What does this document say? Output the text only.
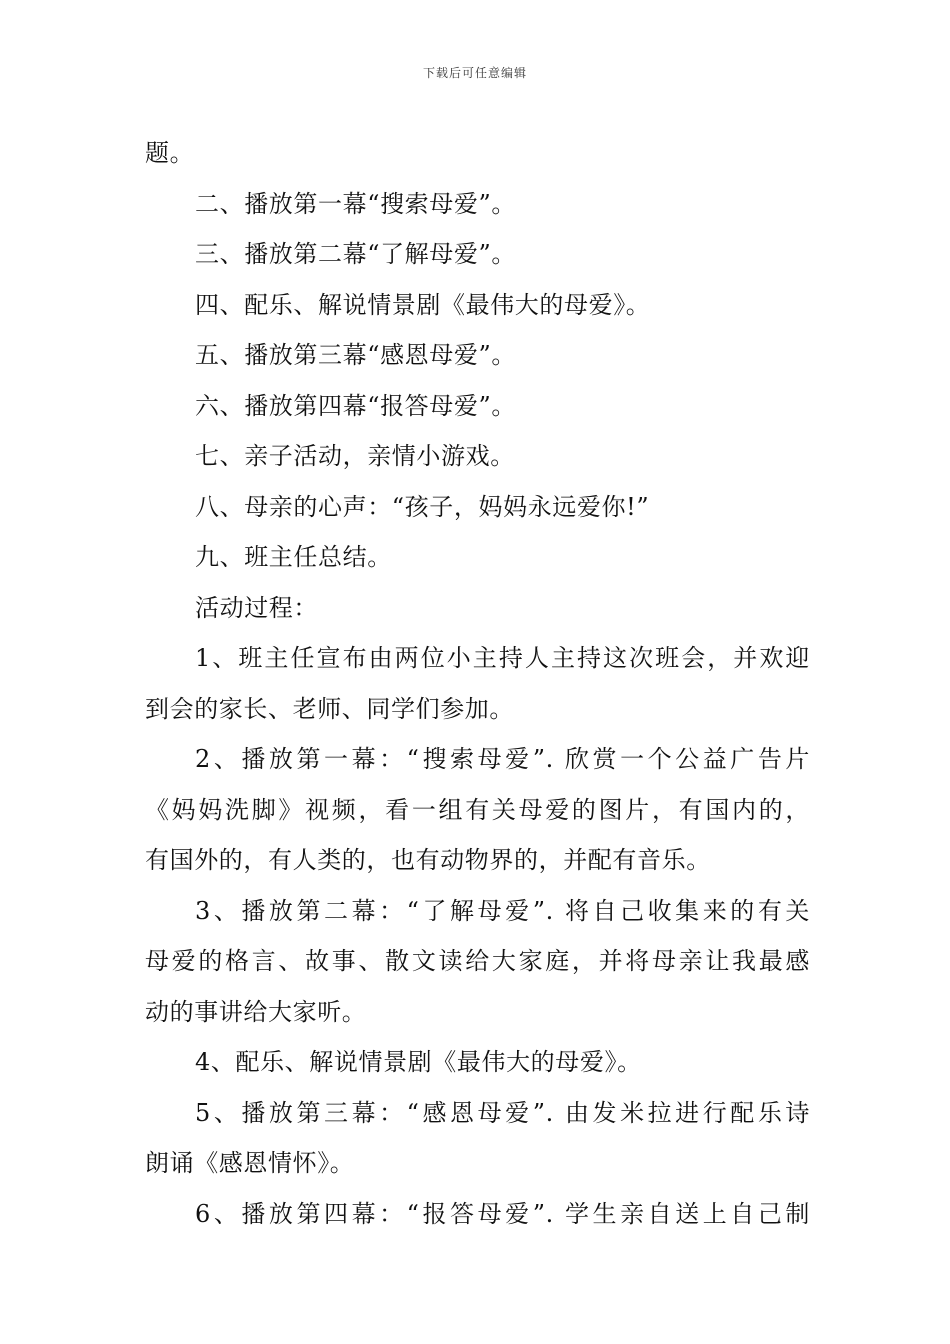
下载后可任意编辑
题。
二、播放第一幕“搜索母爱”。
三、播放第二幕“了解母爱”。
四、配乐、解说情景剧《最伟大的母爱》。
五、播放第三幕“感恩母爱”。
六、播放第四幕“报答母爱”。
七、亲子活动，亲情小游戏。
八、母亲的心声：“孩子，妈妈永远爱你!”
九、班主任总结。
活动过程：
1、班主任宣布由两位小主持人主持这次班会，并欢迎
到会的家长、老师、同学们参加。
2、播放第一幕：“搜索母爱”. 欣赏一个公益广告片
《妈妈洗脚》视频，看一组有关母爱的图片，有国内的，
有国外的，有人类的，也有动物界的，并配有音乐。
3、播放第二幕：“了解母爱”. 将自己收集来的有关
母爱的格言、故事、散文读给大家庭，并将母亲让我最感
动的事讲给大家听。
4、配乐、解说情景剧《最伟大的母爱》。
5、播放第三幕：“感恩母爱”. 由发米拉进行配乐诗
朗诵《感恩情怀》。
6、播放第四幕：“报答母爱”. 学生亲自送上自己制
